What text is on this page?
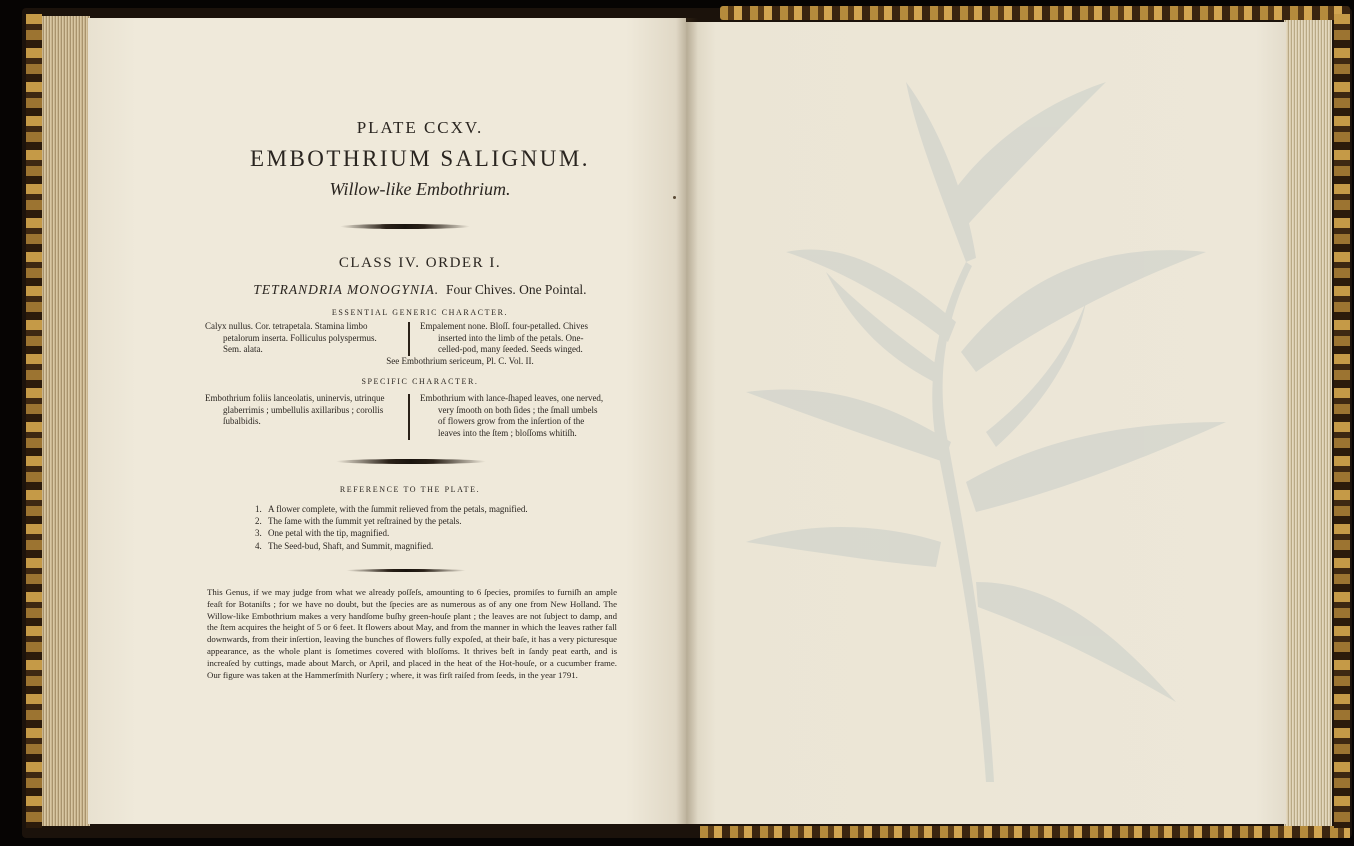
PLATE CCXV.
EMBOTHRIUM SALIGNUM.
Willow-like Embothrium.
CLASS IV. ORDER I.
TETRANDRIA MONOGYNIA. Four Chives. One Pointal.
ESSENTIAL GENERIC CHARACTER.

Calyx nullus. Cor. tetrapetala. Stamina limbo

petalorum inserta. Folliculus polyspermus.

Sem. alata.

Empalement none. Bloſſ. four-petalled. Chives

inserted into the limb of the petals. One-

celled-pod, many ſeeded. Seeds winged.

See Embothrium sericeum, Pl. C. Vol. II.
SPECIFIC CHARACTER.

Embothrium foliis lanceolatis, uninervis, utrinque

glaberrimis ; umbellulis axillaribus ; corollis

ſubalbidis.

Embothrium with lance-ſhaped leaves, one nerved,

very ſmooth on both ſides ; the ſmall umbels

of flowers grow from the inſertion of the

leaves into the ſtem ; bloſſoms whitiſh.

REFERENCE TO THE PLATE.
1. A flower complete, with the ſummit relieved from the petals, magnified.
2. The ſame with the ſummit yet reſtrained by the petals.
3. One petal with the tip, magnified.
4. The Seed-bud, Shaft, and Summit, magnified.

This Genus, if we may judge from what we already poſſeſs, amounting to 6 ſpecies, promiſes to furniſh an ample feaſt for Botaniſts ; for we have no doubt, but the ſpecies are as numerous as of any one from New Holland. The Willow-like Embothrium makes a very handſome buſhy green-houſe plant ; the leaves are not ſubject to damp, and the ſtem acquires the height of 5 or 6 feet. It flowers about May, and from the manner in which the leaves rather fall downwards, from their inſertion, leaving the bunches of flowers fully expoſed, at their baſe, it has a very picturesque appearance, as the whole plant is ſometimes covered with bloſſoms. It thrives beſt in ſandy peat earth, and is increaſed by cuttings, made about March, or April, and placed in the heat of the Hot-houſe, or a cucumber frame. Our figure was taken at the Hammerſmith Nurſery ; where, it was firſt raiſed from ſeeds, in the year 1791.
